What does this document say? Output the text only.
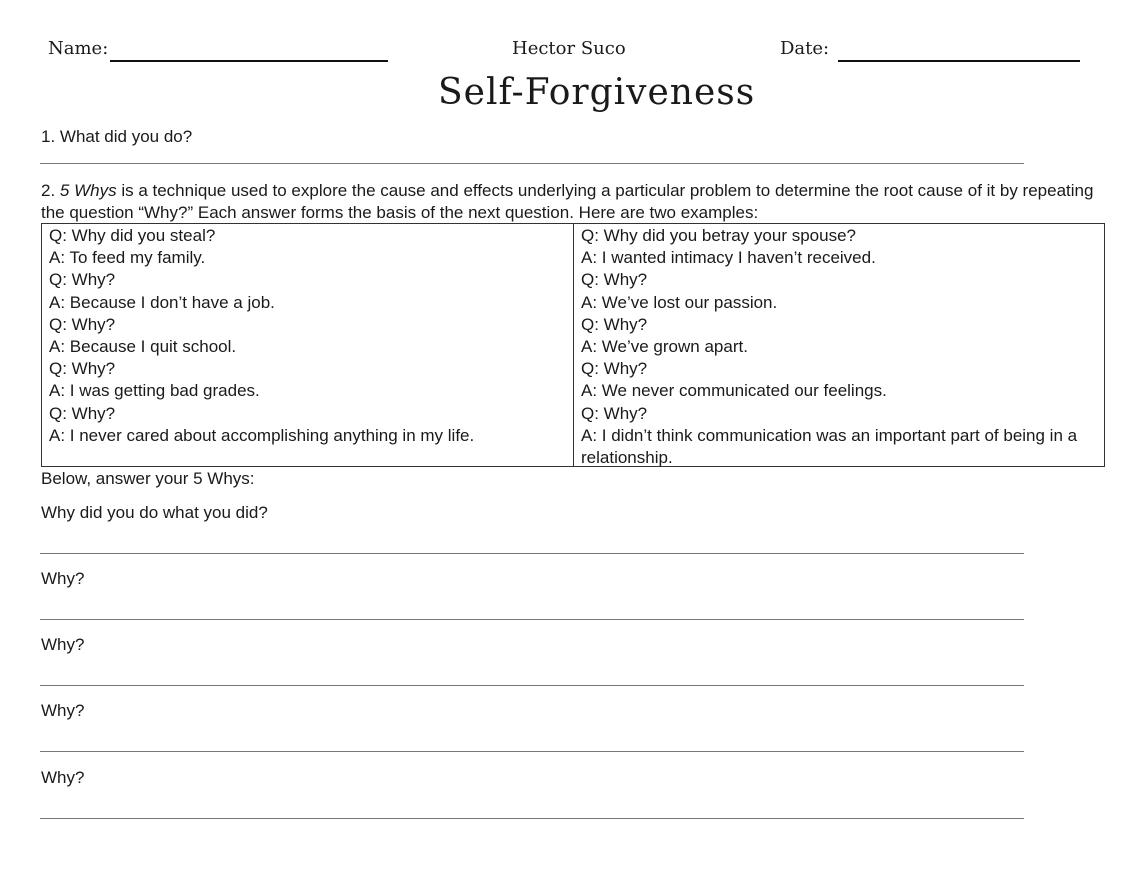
Name:	Hector Suco	Date:
Self-Forgiveness
1. What did you do?
2. 5 Whys is a technique used to explore the cause and effects underlying a particular problem to determine the root cause of it by repeating the question “Why?” Each answer forms the basis of the next question. Here are two examples:
Q: Why did you steal?
A: To feed my family.
Q: Why?
A: Because I don’t have a job.
Q: Why?
A: Because I quit school.
Q: Why?
A: I was getting bad grades.
Q: Why?
A: I never cared about accomplishing anything in my life.
Q: Why did you betray your spouse?
A: I wanted intimacy I haven’t received.
Q: Why?
A: We’ve lost our passion.
Q: Why?
A: We’ve grown apart.
Q: Why?
A: We never communicated our feelings.
Q: Why?
A: I didn’t think communication was an important part of being in a relationship.
Below, answer your 5 Whys:
Why did you do what you did?
Why?
Why?
Why?
Why?
